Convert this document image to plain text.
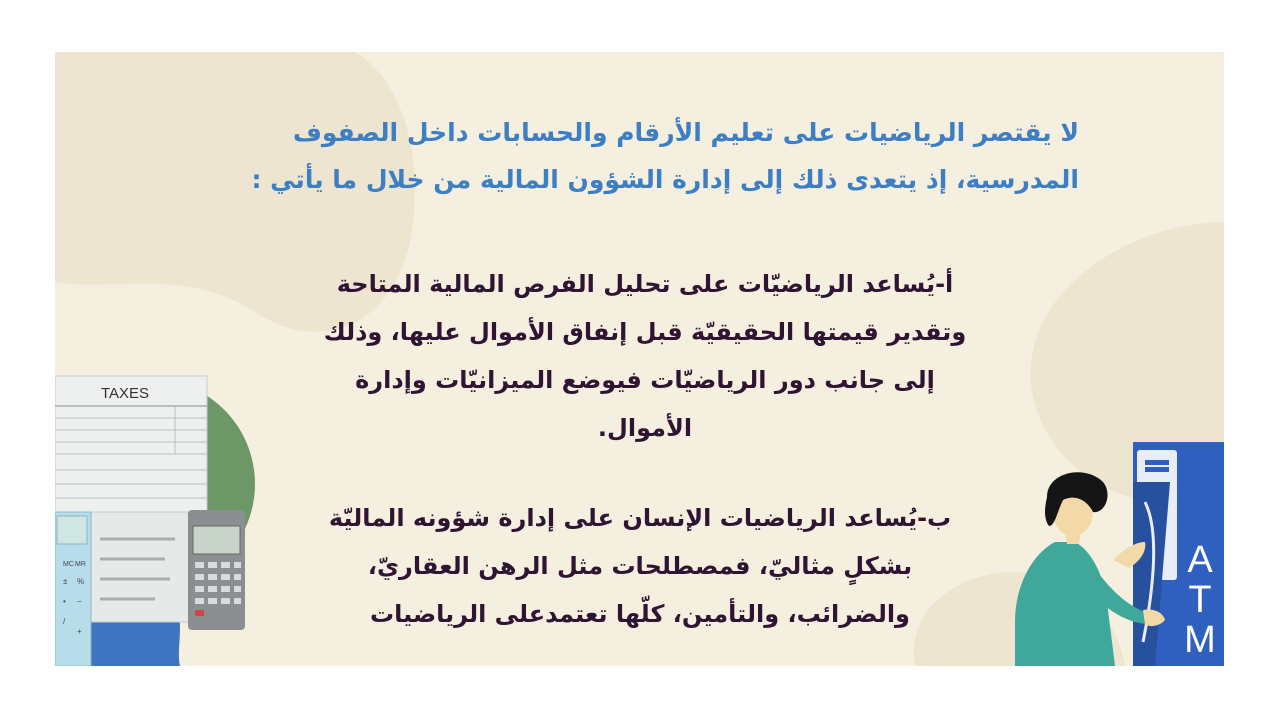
لا يقتصر الرياضيات على تعليم الأرقام والحسابات داخل الصفوف
المدرسية، إذ يتعدى ذلك إلى إدارة الشؤون المالية من خلال ما يأتي :
أ-يُساعد الرياضيّات على تحليل الفرص المالية المتاحة
وتقدير قيمتها الحقيقيّة قبل إنفاق الأموال عليها، وذلك
إلى جانب دور الرياضيّات فيوضع الميزانيّات وإدارة
الأموال.
ب-يُساعد الرياضيات الإنسان على إدارة شؤونه الماليّة
بشكلٍ مثاليّ، فمصطلحات مثل الرهن العقاريّ،
والضرائب، والتأمين، كلّها تعتمدعلى الرياضيات
TAXES
MC MR
± %
• −
/
+
A
T
M
